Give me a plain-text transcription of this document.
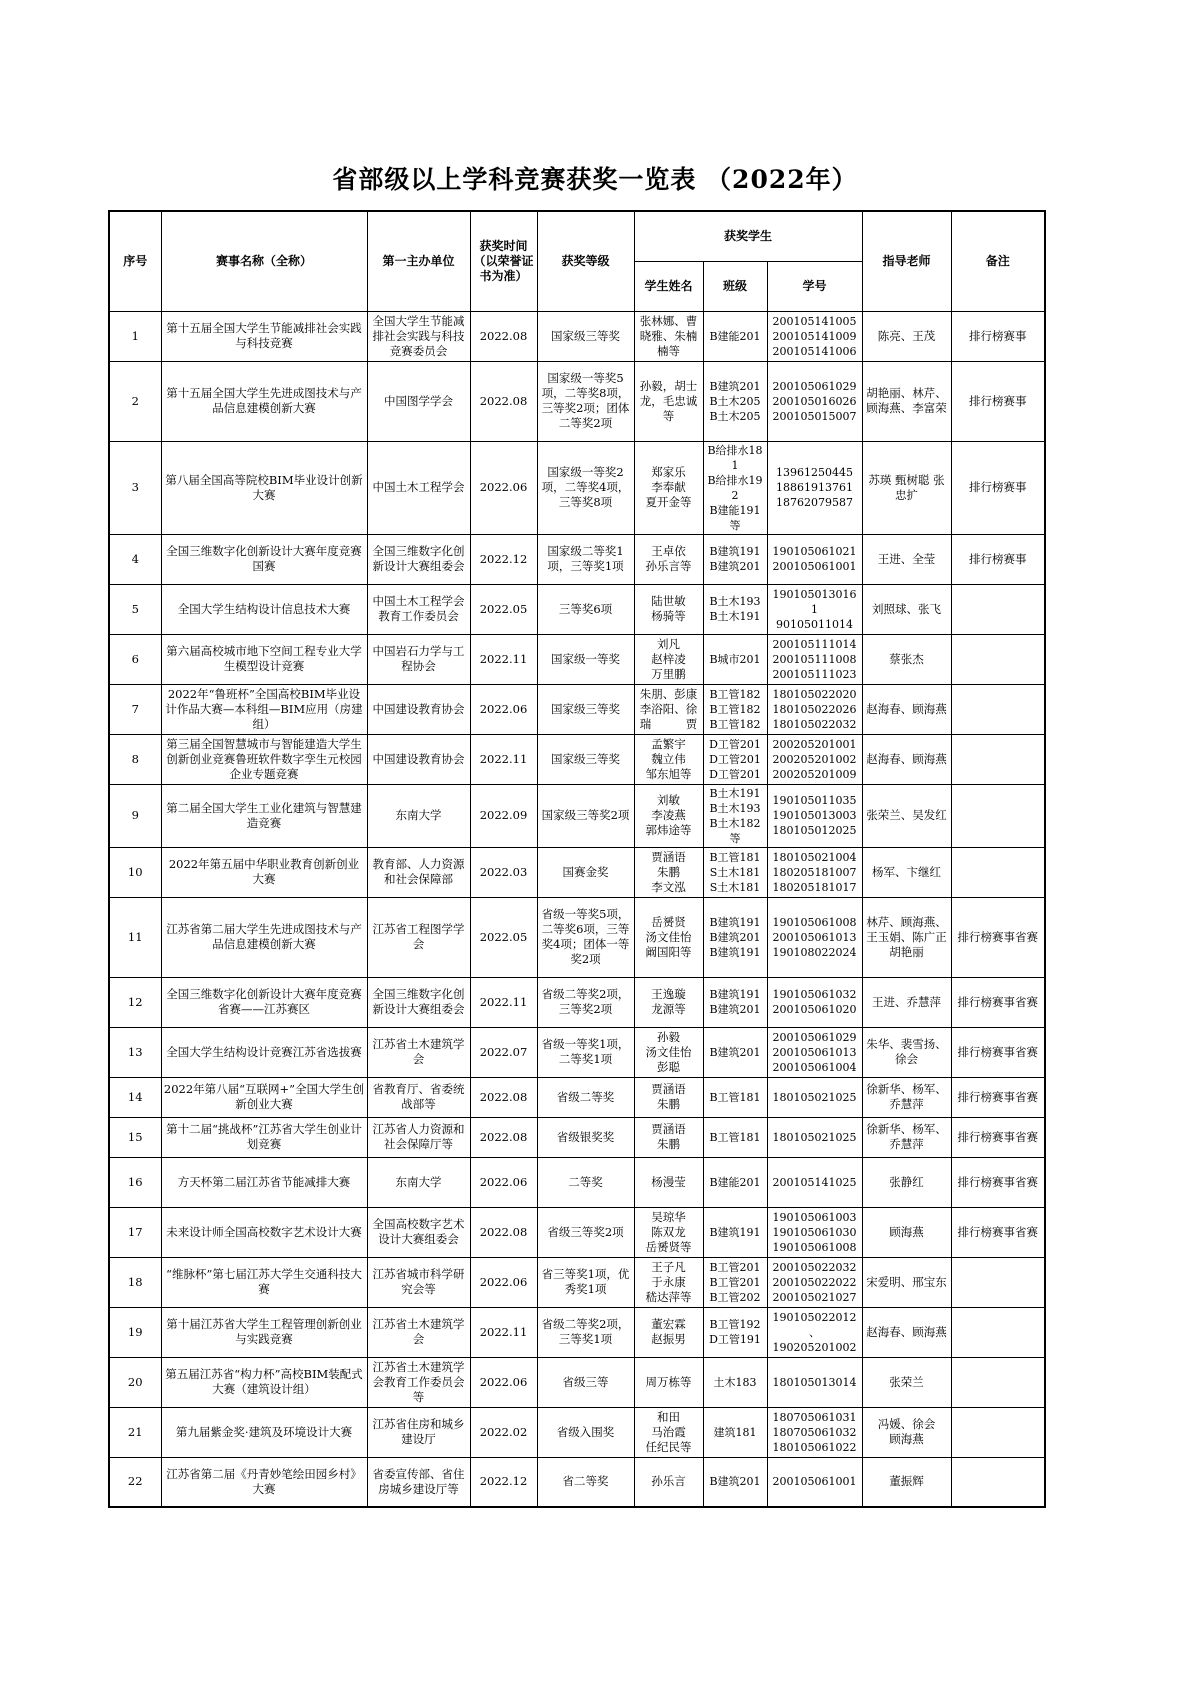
省部级以上学科竞赛获奖一览表 （2022年）
序号	赛事名称（全称）	第一主办单位	获奖时间（以荣誉证书为准）	获奖等级	获奖学生			指导老师	备注
					学生姓名	班级	学号		
1	第十五届全国大学生节能减排社会实践与科技竞赛	全国大学生节能减排社会实践与科技竞赛委员会	2022.08	国家级三等奖	张林娜、曹晓雅、朱楠楠等	B建能201	200105141005
200105141009
200105141006	陈亮、王茂	排行榜赛事
2	第十五届全国大学生先进成图技术与产品信息建模创新大赛	中国图学学会	2022.08	国家级一等奖5项，二等奖8项，三等奖2项；团体二等奖2项	孙毅，胡士龙，毛忠诚等	B建筑201
B土木205
B土木205	200105061029
200105016026
200105015007	胡艳丽、林芹、顾海燕、李富荣	排行榜赛事
3	第八届全国高等院校BIM毕业设计创新大赛	中国土木工程学会	2022.06	国家级一等奖2项，二等奖4项，三等奖8项	郑家乐
李奉献
夏开金等	B给排水181
B给排水192
B建能191等	13961250445
18861913761
18762079587	苏瑛 甄树聪 张忠扩	排行榜赛事
4	全国三维数字化创新设计大赛年度竞赛国赛	全国三维数字化创新设计大赛组委会	2022.12	国家级二等奖1项，三等奖1项	王卓依
孙乐言等	B建筑191
B建筑201	190105061021
200105061001	王进、全莹	排行榜赛事
5	全国大学生结构设计信息技术大赛	中国土木工程学会教育工作委员会	2022.05	三等奖6项	陆世敏
杨骑等	B土木193
B土木191	1901050130161
90105011014	刘照球、张飞	
6	第六届高校城市地下空间工程专业大学生模型设计竞赛	中国岩石力学与工程协会	2022.11	国家级一等奖	刘凡
赵梓凌
万里鹏	B城市201	200105111014
200105111008
200105111023	蔡张杰	
7	2022年“鲁班杯”全国高校BIM毕业设计作品大赛—本科组—BIM应用（房建组）	中国建设教育协会	2022.06	国家级三等奖	朱朋、彭康
李浴阳、徐瑞　　　贾	B工管182
B工管182
B工管182	180105022020
180105022026
180105022032	赵海春、顾海燕	
8	第三届全国智慧城市与智能建造大学生创新创业竞赛鲁班软件数字孪生元校园企业专题竞赛	中国建设教育协会	2022.11	国家级三等奖	孟繁宇
魏立伟
邹东旭等	D工管201
D工管201
D工管201	200205201001
200205201002
200205201009	赵海春、顾海燕	
9	第二届全国大学生工业化建筑与智慧建造竞赛	东南大学	2022.09	国家级三等奖2项	刘敏
李凌燕
郭炜途等	B土木191
B土木193
B土木182等	190105011035
190105013003
180105012025	张荣兰、吴发红	
10	2022年第五届中华职业教育创新创业大赛	教育部、人力资源和社会保障部	2022.03	国赛金奖	贾涵语
朱鹏
李文泓	B工管181
S土木181
S土木181	180105021004
180205181007
180205181017	杨军、卞继红	
11	江苏省第二届大学生先进成图技术与产品信息建模创新大赛	江苏省工程图学学会	2022.05	省级一等奖5项，二等奖6项，三等奖4项；团体一等奖2项	岳赟贤
汤文佳怡
阚国阳等	B建筑191
B建筑201
B建筑191	190105061008
200105061013
190108022024	林芹、顾海燕、王玉娟、陈广正胡艳丽	排行榜赛事省赛
12	全国三维数字化创新设计大赛年度竞赛省赛——江苏赛区	全国三维数字化创新设计大赛组委会	2022.11	省级二等奖2项，三等奖2项	王逸璇
龙源等	B建筑191
B建筑201	190105061032
200105061020	王进、乔慧萍	排行榜赛事省赛
13	全国大学生结构设计竞赛江苏省选拔赛	江苏省土木建筑学会	2022.07	省级一等奖1项，二等奖1项	孙毅
汤文佳怡
彭聪	B建筑201	200105061029
200105061013
200105061004	朱华、裴雪扬、徐会	排行榜赛事省赛
14	2022年第八届“互联网+”全国大学生创新创业大赛	省教育厅、省委统战部等	2022.08	省级二等奖	贾涵语
朱鹏	B工管181	180105021025	徐新华、杨军、乔慧萍	排行榜赛事省赛
15	第十二届“挑战杯”江苏省大学生创业计划竞赛	江苏省人力资源和社会保障厅等	2022.08	省级银奖奖	贾涵语
朱鹏	B工管181	180105021025	徐新华、杨军、乔慧萍	排行榜赛事省赛
16	方天杯第二届江苏省节能减排大赛	东南大学	2022.06	二等奖	杨漫莹	B建能201	200105141025	张静红	排行榜赛事省赛
17	未来设计师全国高校数字艺术设计大赛	全国高校数字艺术设计大赛组委会	2022.08	省级三等奖2项	吴琼华
陈双龙
岳赟贤等	B建筑191	190105061003
190105061030
190105061008	顾海燕	排行榜赛事省赛
18	“维脉杯”第七届江苏大学生交通科技大赛	江苏省城市科学研究会等	2022.06	省三等奖1项，优秀奖1项	王子凡
于永康
嵇达萍等	B工管201
B工管201
B工管202	200105022032
200105022022
200105021027	宋爱明、邢宝东	
19	第十届江苏省大学生工程管理创新创业与实践竞赛	江苏省土木建筑学会	2022.11	省级二等奖2项，三等奖1项	董宏霖
赵振男	B工管192
D工管191	190105022012
、
190205201002	赵海春、顾海燕	
20	第五届江苏省“构力杯”高校BIM装配式大赛（建筑设计组）	江苏省土木建筑学会教育工作委员会等	2022.06	省级三等	周万栋等	土木183	180105013014	张荣兰	
21	第九届紫金奖·建筑及环境设计大赛	江苏省住房和城乡建设厅	2022.02	省级入围奖	和田
马治霞
任纪民等	建筑181	180705061031
180705061032
180105061022	冯媛、徐会
顾海燕	
22	江苏省第二届《丹青妙笔绘田园乡村》大赛	省委宣传部、省住房城乡建设厅等	2022.12	省二等奖	孙乐言	B建筑201	200105061001	董振辉	
